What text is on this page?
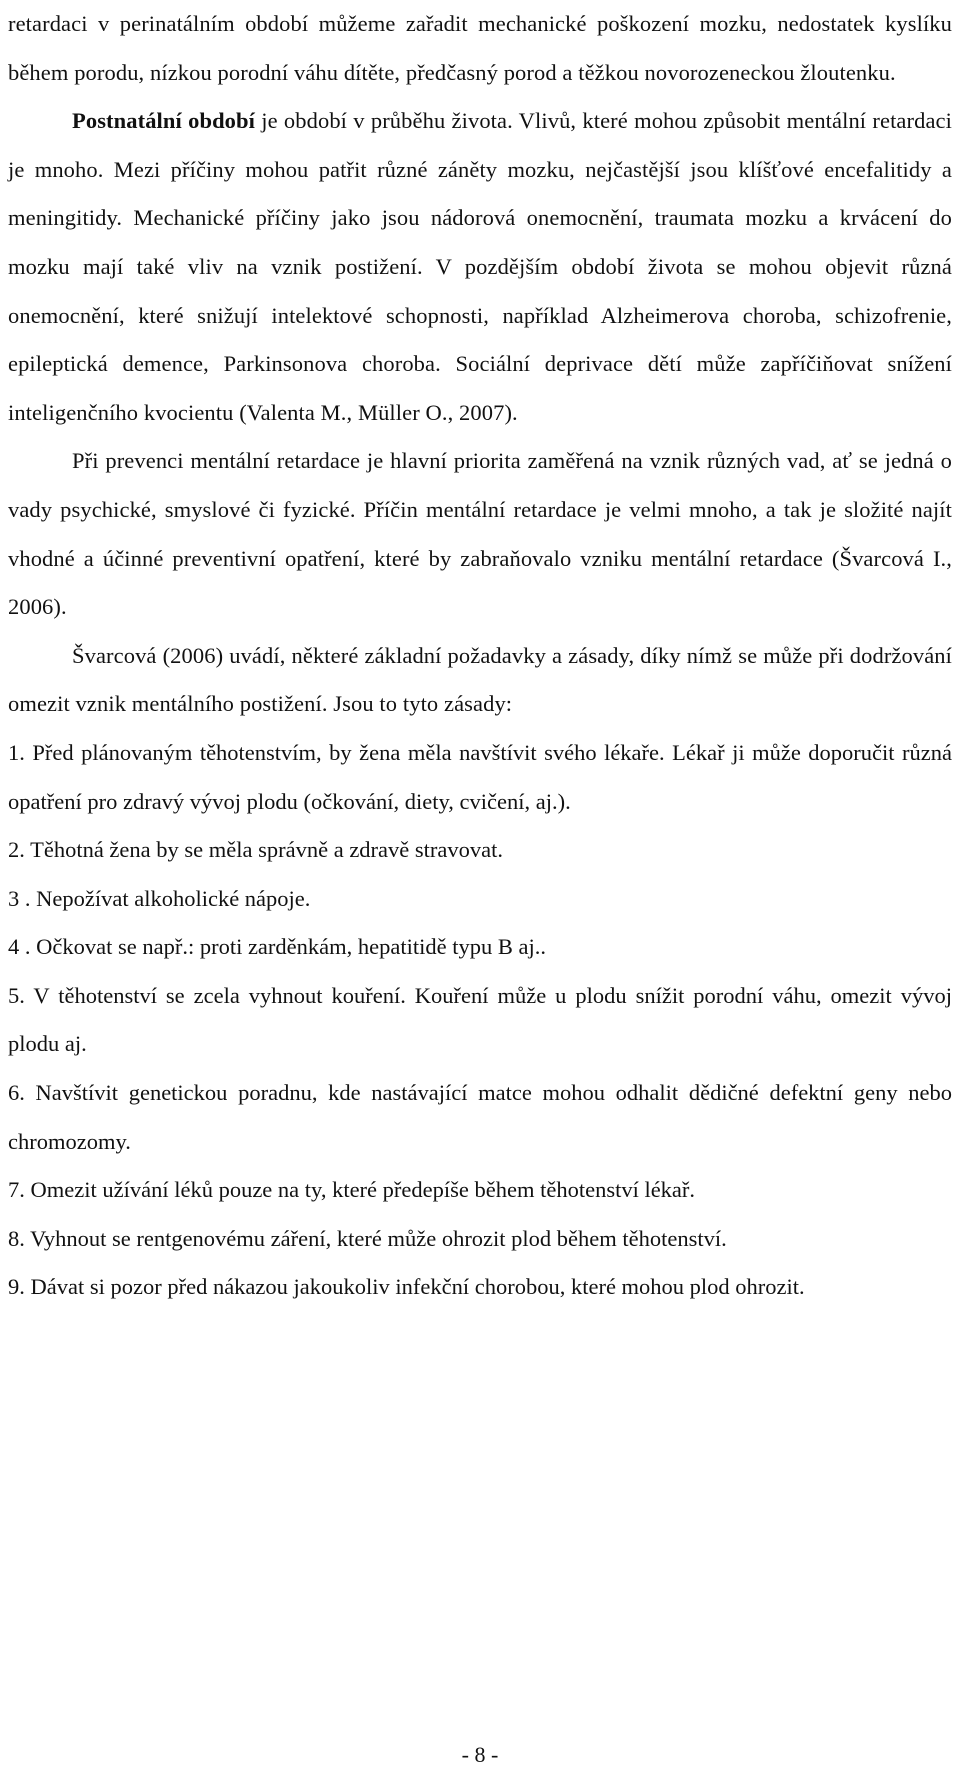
retardaci v perinatálním období můžeme zařadit mechanické poškození mozku, nedostatek kyslíku během porodu, nízkou porodní váhu dítěte, předčasný porod a těžkou novorozeneckou žloutenku.

Postnatální období je období v průběhu života. Vlivů, které mohou způsobit mentální retardaci je mnoho. Mezi příčiny mohou patřit různé záněty mozku, nejčastější jsou klíšťové encefalitidy a meningitidy. Mechanické příčiny jako jsou nádorová onemocnění, traumata mozku a krvácení do mozku mají také vliv na vznik postižení. V pozdějším období života se mohou objevit různá onemocnění, které snižují intelektové schopnosti, například Alzheimerova choroba, schizofrenie, epileptická demence, Parkinsonova choroba. Sociální deprivace dětí může zapříčiňovat snížení inteligenčního kvocientu (Valenta M., Müller O., 2007).

Při prevenci mentální retardace je hlavní priorita zaměřená na vznik různých vad, ať se jedná o vady psychické, smyslové či fyzické. Příčin mentální retardace je velmi mnoho, a tak je složité najít vhodné a účinné preventivní opatření, které by zabraňovalo vzniku mentální retardace (Švarcová I., 2006).

Švarcová (2006) uvádí, některé základní požadavky a zásady, díky nímž se může při dodržování omezit vznik mentálního postižení. Jsou to tyto zásady:

1. Před plánovaným těhotenstvím, by žena měla navštívit svého lékaře. Lékař ji může doporučit různá opatření pro zdravý vývoj plodu (očkování, diety, cvičení, aj.).

2. Těhotná žena by se měla správně a zdravě stravovat.

3 . Nepožívat alkoholické nápoje.

4 . Očkovat se např.: proti zarděnkám, hepatitidě typu B aj..

5. V těhotenství se zcela vyhnout kouření. Kouření může u plodu snížit porodní váhu, omezit vývoj plodu aj.

6. Navštívit genetickou poradnu, kde nastávající matce mohou odhalit dědičné defektní geny nebo chromozomy.

7. Omezit užívání léků pouze na ty, které předepíše během těhotenství lékař.

8. Vyhnout se rentgenovému záření, které může ohrozit plod během těhotenství.

9. Dávat si pozor před nákazou jakoukoliv infekční chorobou, které mohou plod ohrozit.

- 8 -
